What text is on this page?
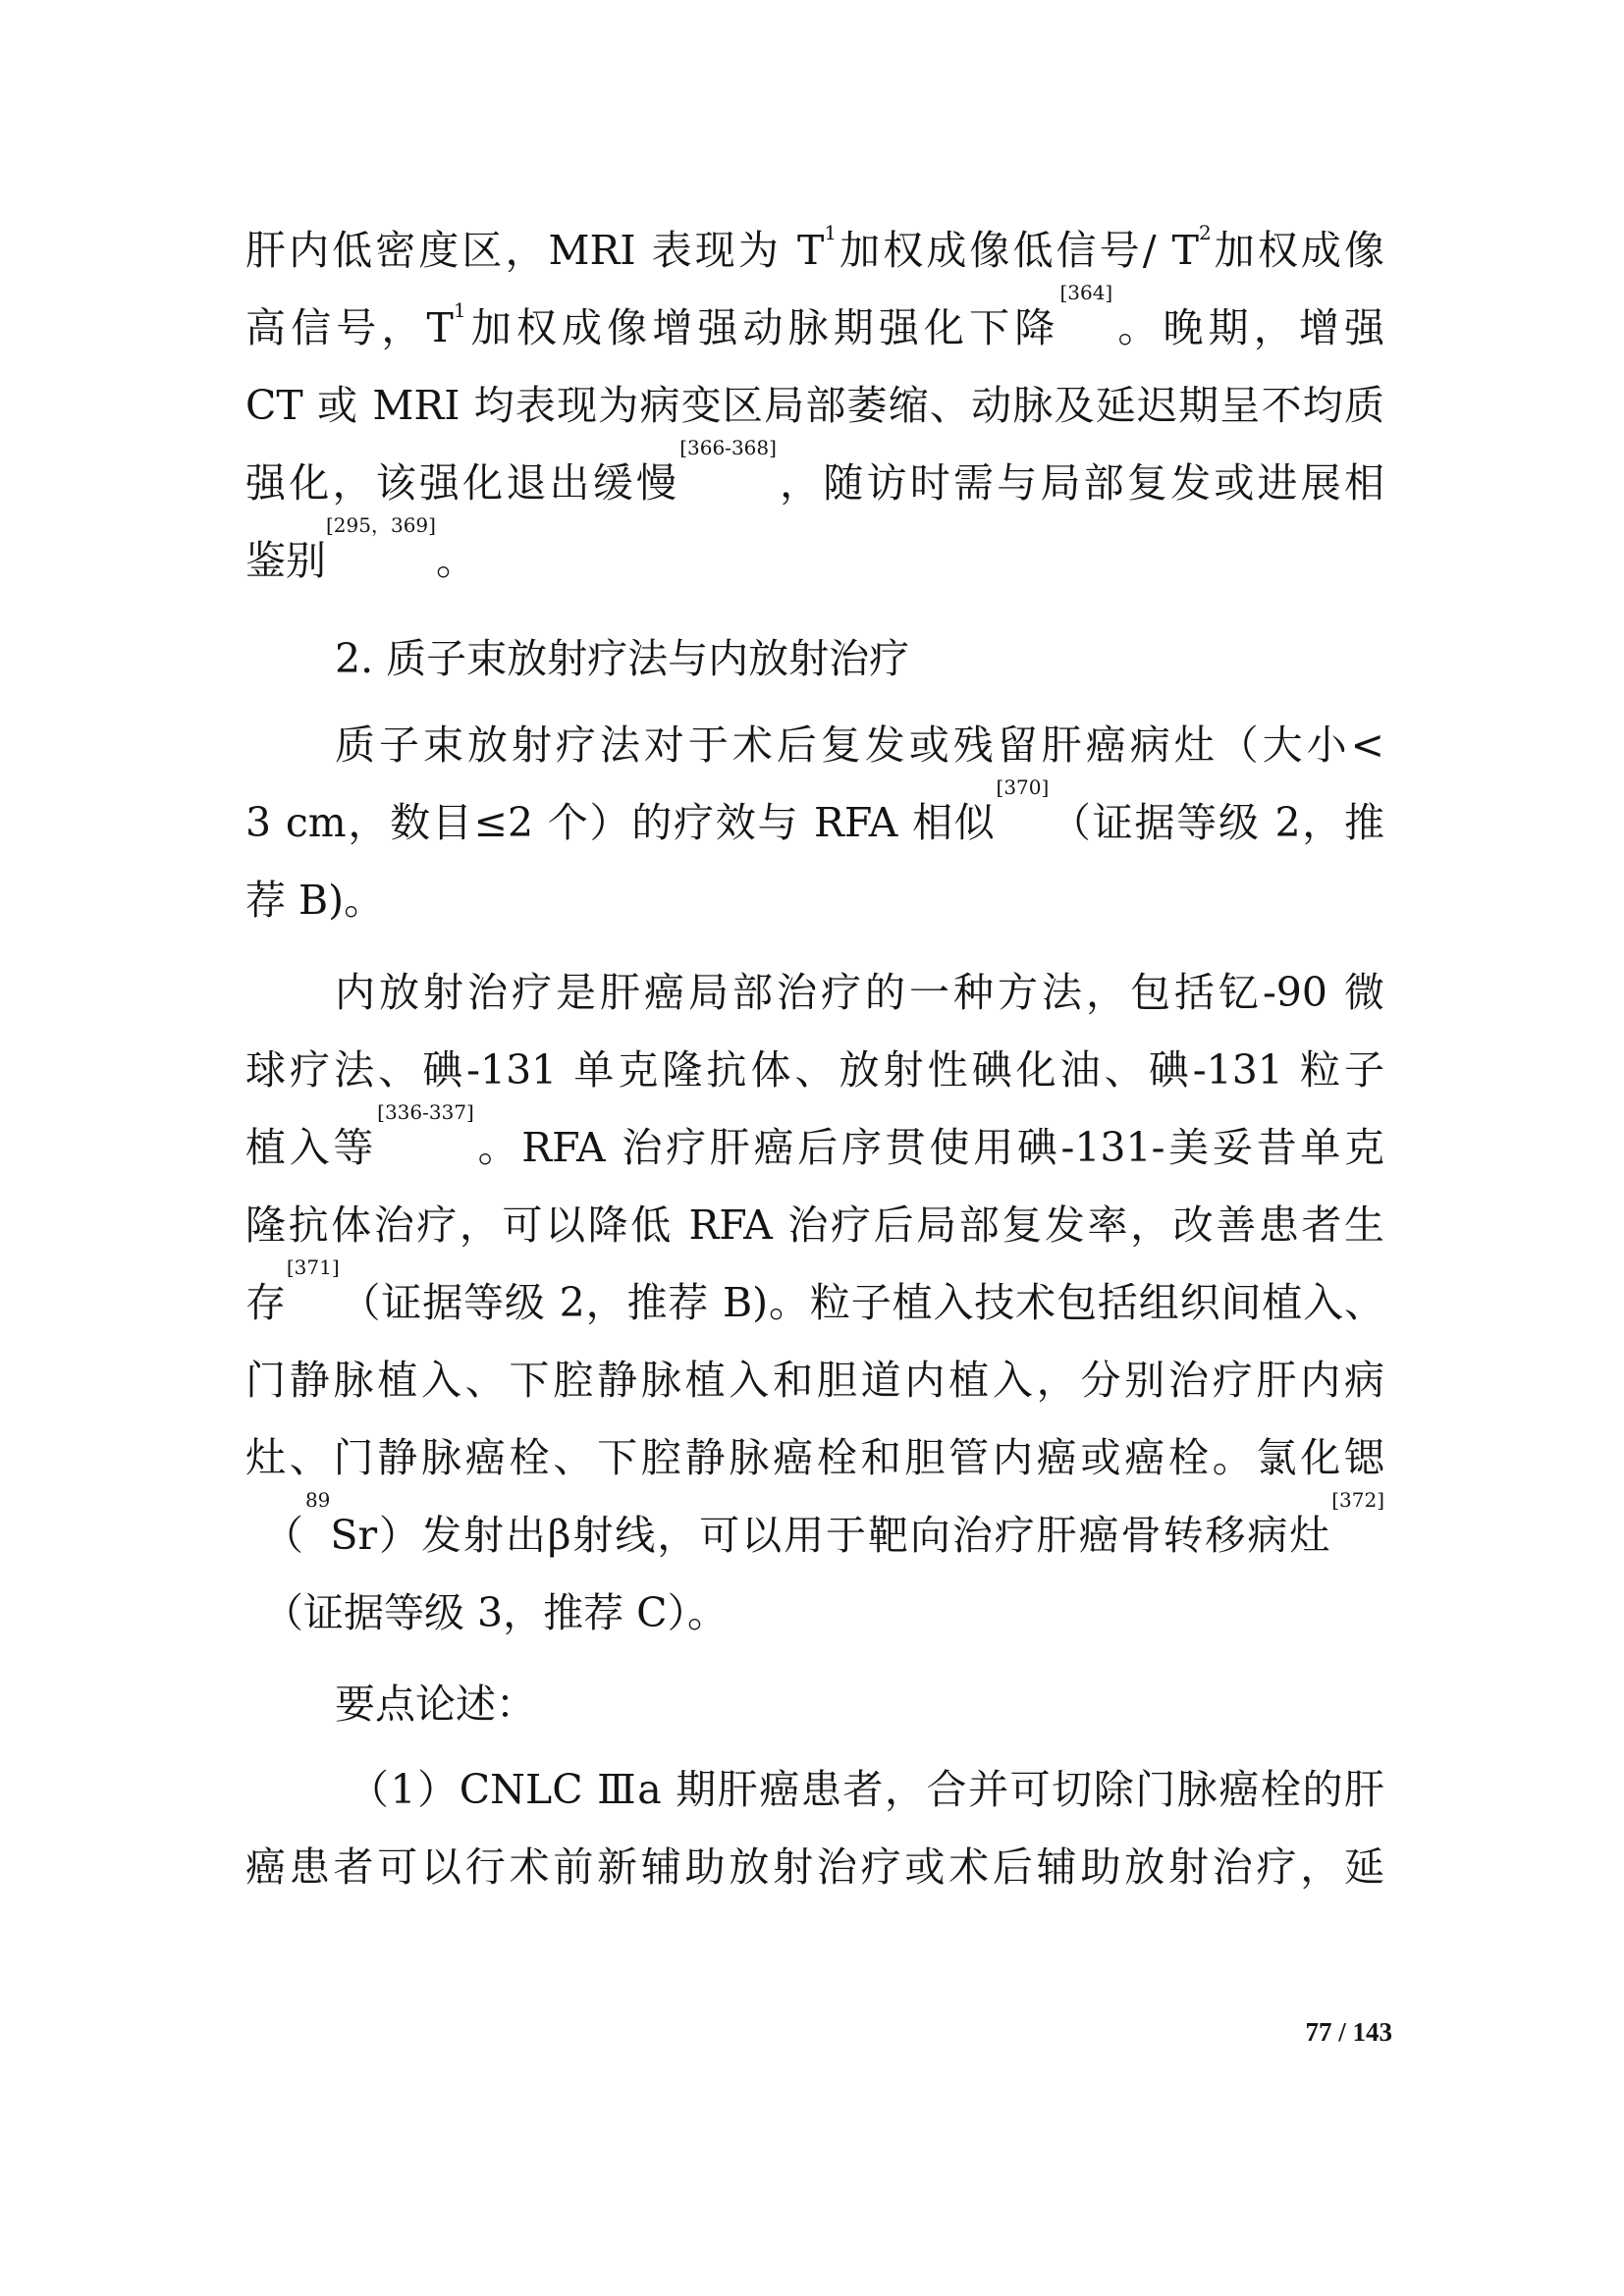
肝内低密度区，MRI 表现为 $T_1$加权成像低信号/ $T_2$加权成像
高信号，$T_1$加权成像增强动脉期强化下降[364]。晚期，增强
CT 或 MRI 均表现为病变区局部萎缩、动脉及延迟期呈不均质
强化，该强化退出缓慢[366-368]，随访时需与局部复发或进展相
鉴别[295，369]。
2. 质子束放射疗法与内放射治疗
质子束放射疗法对于术后复发或残留肝癌病灶（大小<
3 cm，数目≤2 个）的疗效与 RFA 相似[370]（证据等级 2，推
荐 B)。
内放射治疗是肝癌局部治疗的一种方法，包括钇-90 微
球疗法、碘-131 单克隆抗体、放射性碘化油、碘-131 粒子
植入等[336-337]。RFA 治疗肝癌后序贯使用碘-131-美妥昔单克
隆抗体治疗，可以降低 RFA 治疗后局部复发率，改善患者生
存[371]（证据等级 2，推荐 B)。粒子植入技术包括组织间植入、
门静脉植入、下腔静脉植入和胆道内植入，分别治疗肝内病
灶、门静脉癌栓、下腔静脉癌栓和胆管内癌或癌栓。氯化锶
（$^{89}$Sr）发射出β射线，可以用于靶向治疗肝癌骨转移病灶[372]
（证据等级 3，推荐 C）。
要点论述：
（1）CNLC Ⅲa 期肝癌患者，合并可切除门脉癌栓的肝
癌患者可以行术前新辅助放射治疗或术后辅助放射治疗，延
77 / 143
